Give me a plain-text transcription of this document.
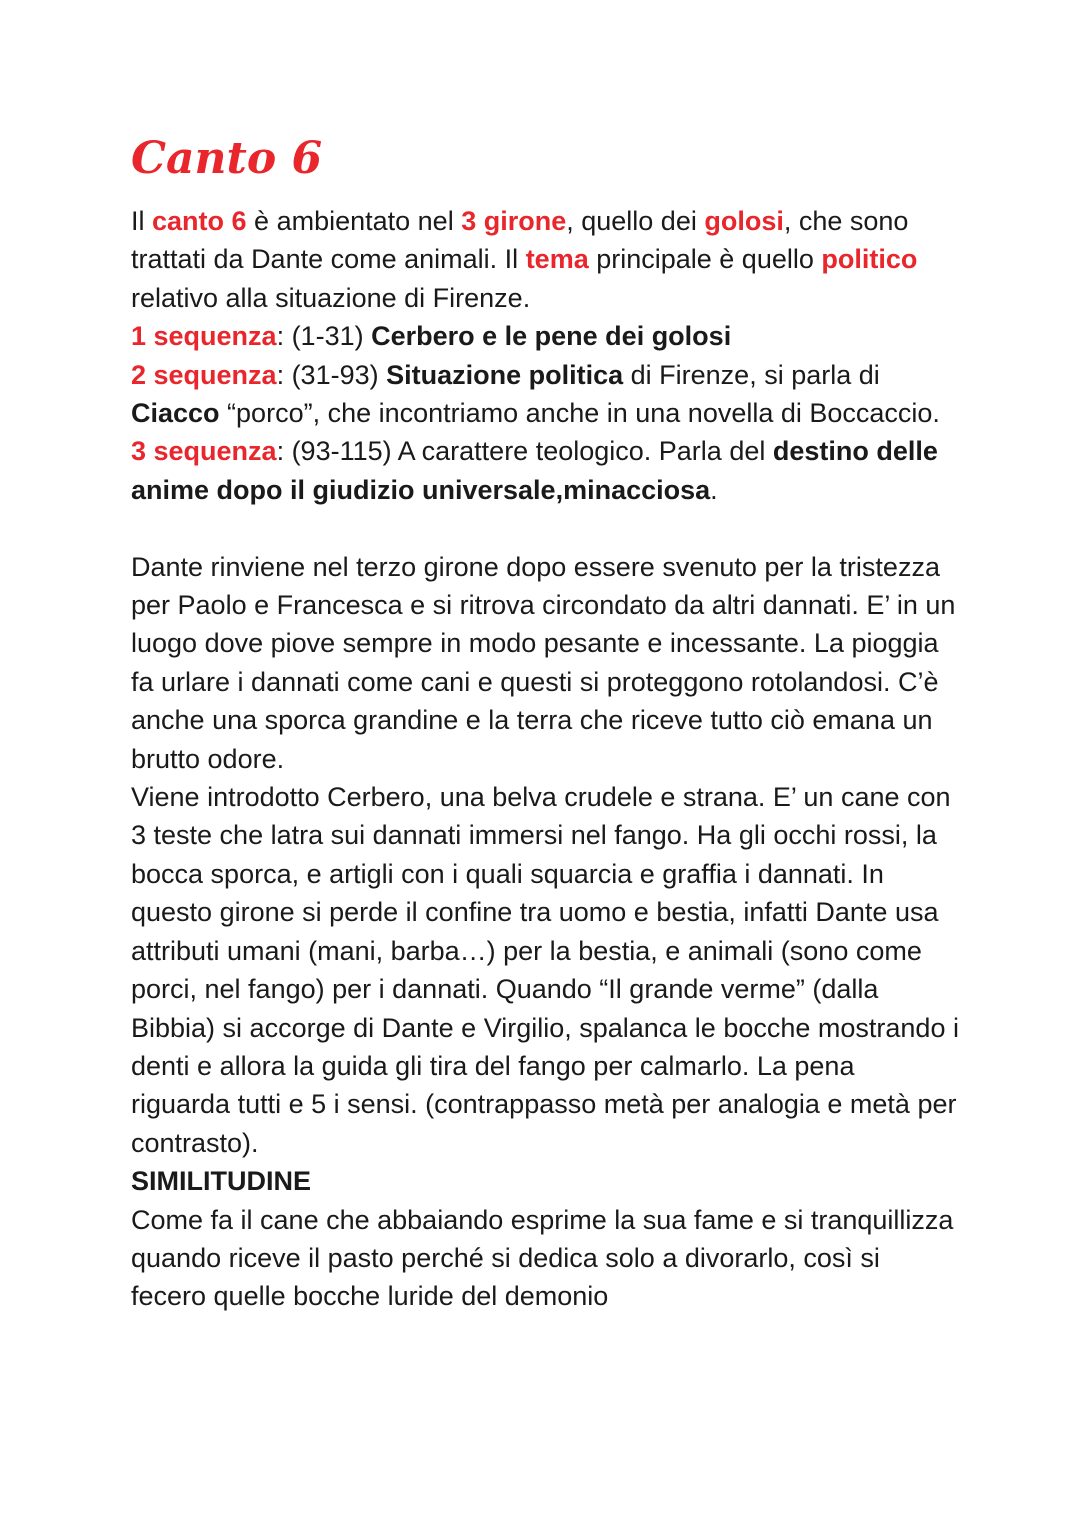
Canto 6

Il canto 6 è ambientato nel 3 girone, quello dei golosi, che sono trattati da Dante come animali. Il tema principale è quello politico relativo alla situazione di Firenze.

1 sequenza: (1-31) Cerbero e le pene dei golosi

2 sequenza: (31-93) Situazione politica di Firenze, si parla di Ciacco “porco”, che incontriamo anche in una novella di Boccaccio.

3 sequenza: (93-115) A carattere teologico. Parla del destino delle anime dopo il giudizio universale,minacciosa.

Dante rinviene nel terzo girone dopo essere svenuto per la tristezza per Paolo e Francesca e si ritrova circondato da altri dannati. E’ in un luogo dove piove sempre in modo pesante e incessante. La pioggia fa urlare i dannati come cani e questi si proteggono rotolandosi. C’è anche una sporca grandine e la terra che riceve tutto ciò emana un brutto odore.

Viene introdotto Cerbero, una belva crudele e strana. E’ un cane con 3 teste che latra sui dannati immersi nel fango. Ha gli occhi rossi, la bocca sporca, e artigli con i quali squarcia e graffia i dannati. In questo girone si perde il confine tra uomo e bestia, infatti Dante usa attributi umani (mani, barba…) per la bestia, e animali (sono come porci, nel fango) per i dannati. Quando “Il grande verme” (dalla Bibbia) si accorge di Dante e Virgilio, spalanca le bocche mostrando i denti e allora la guida gli tira del fango per calmarlo. La pena riguarda tutti e 5 i sensi. (contrappasso metà per analogia e metà per contrasto).

SIMILITUDINE

Come fa il cane che abbaiando esprime la sua fame e si tranquillizza quando riceve il pasto perché si dedica solo a divorarlo, così si fecero quelle bocche luride del demonio
